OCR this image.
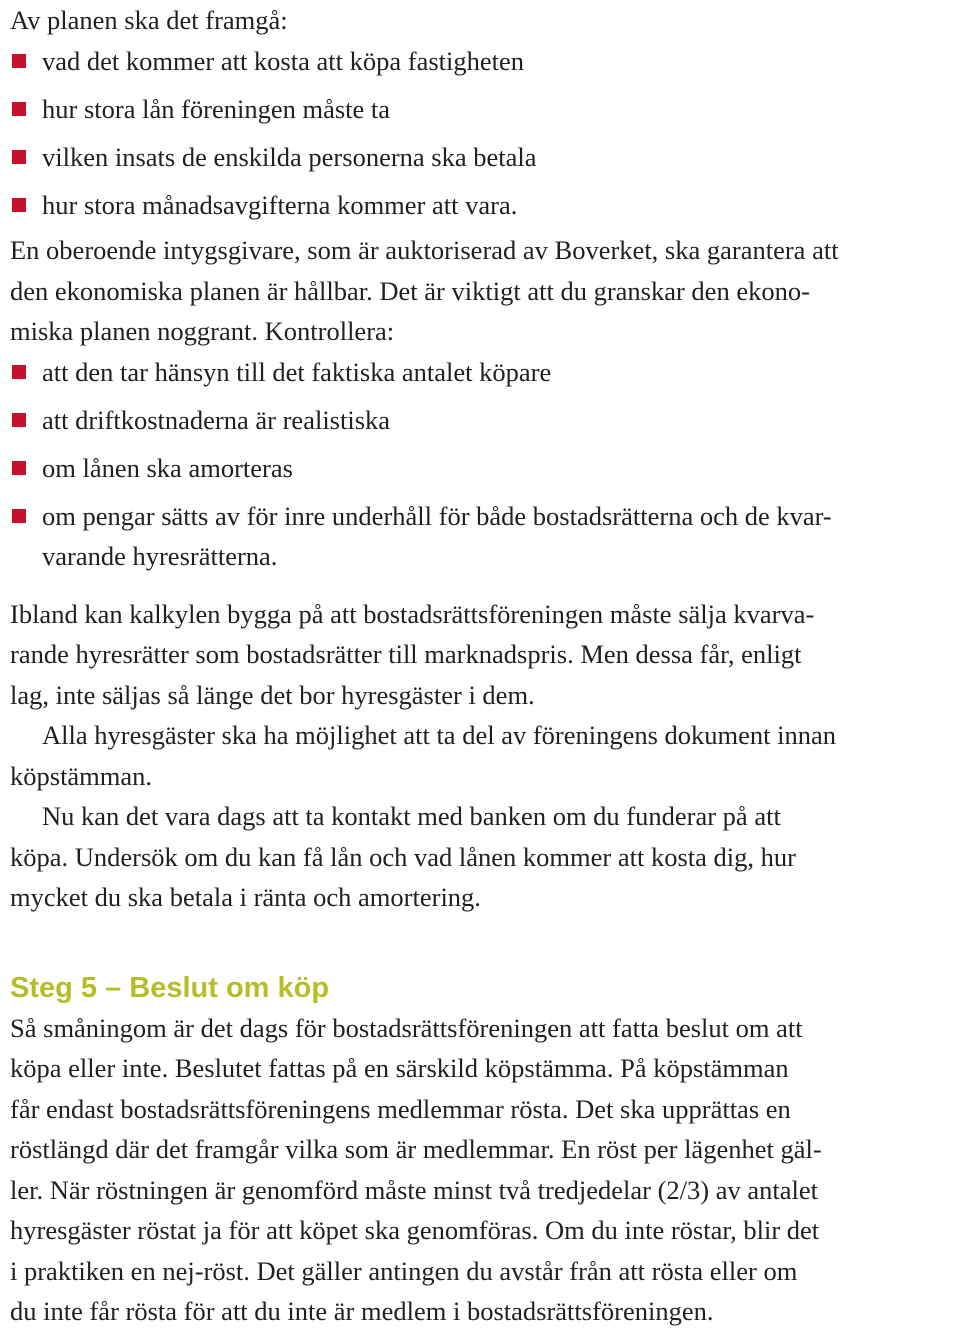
Av planen ska det framgå:
vad det kommer att kosta att köpa fastigheten
hur stora lån föreningen måste ta
vilken insats de enskilda personerna ska betala
hur stora månadsavgifterna kommer att vara.
En oberoende intygsgivare, som är auktoriserad av Boverket, ska garantera att
den ekonomiska planen är hållbar. Det är viktigt att du granskar den ekono-
miska planen noggrant. Kontrollera:
att den tar hänsyn till det faktiska antalet köpare
att driftkostnaderna är realistiska
om lånen ska amorteras
om pengar sätts av för inre underhåll för både bostadsrätterna och de kvar-
varande hyresrätterna.
Ibland kan kalkylen bygga på att bostadsrättsföreningen måste sälja kvarva-
rande hyresrätter som bostadsrätter till marknadspris. Men dessa får, enligt
lag, inte säljas så länge det bor hyresgäster i dem.
Alla hyresgäster ska ha möjlighet att ta del av föreningens dokument innan
köpstämman.
Nu kan det vara dags att ta kontakt med banken om du funderar på att
köpa. Undersök om du kan få lån och vad lånen kommer att kosta dig, hur
mycket du ska betala i ränta och amortering.
Steg 5 – Beslut om köp
Så småningom är det dags för bostadsrättsföreningen att fatta beslut om att
köpa eller inte. Beslutet fattas på en särskild köpstämma. På köpstämman
får endast bostadsrättsföreningens medlemmar rösta. Det ska upprättas en
röstlängd där det framgår vilka som är medlemmar. En röst per lägenhet gäl-
ler. När röstningen är genomförd måste minst två tredjedelar (2/3) av antalet
hyresgäster röstat ja för att köpet ska genomföras. Om du inte röstar, blir det
i praktiken en nej-röst. Det gäller antingen du avstår från att rösta eller om
du inte får rösta för att du inte är medlem i bostadsrättsföreningen.
